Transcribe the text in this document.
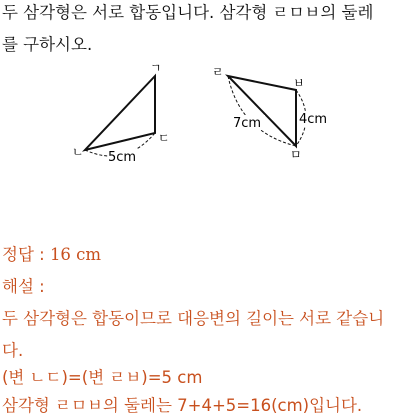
두 삼각형은 서로 합동입니다. 삼각형 ㄹㅁㅂ의 둘레
를 구하시오.
ㄱ
ㄴ
ㄷ
5cm
ㄹ
ㅂ
ㅁ
7cm	4cm
정답 : 16 cm
해설 :
두 삼각형은 합동이므로 대응변의 길이는 서로 같습니
다.
(변 ㄴㄷ)=(변 ㄹㅂ)=5 cm
삼각형 ㄹㅁㅂ의 둘레는 7+4+5=16(cm)입니다.
